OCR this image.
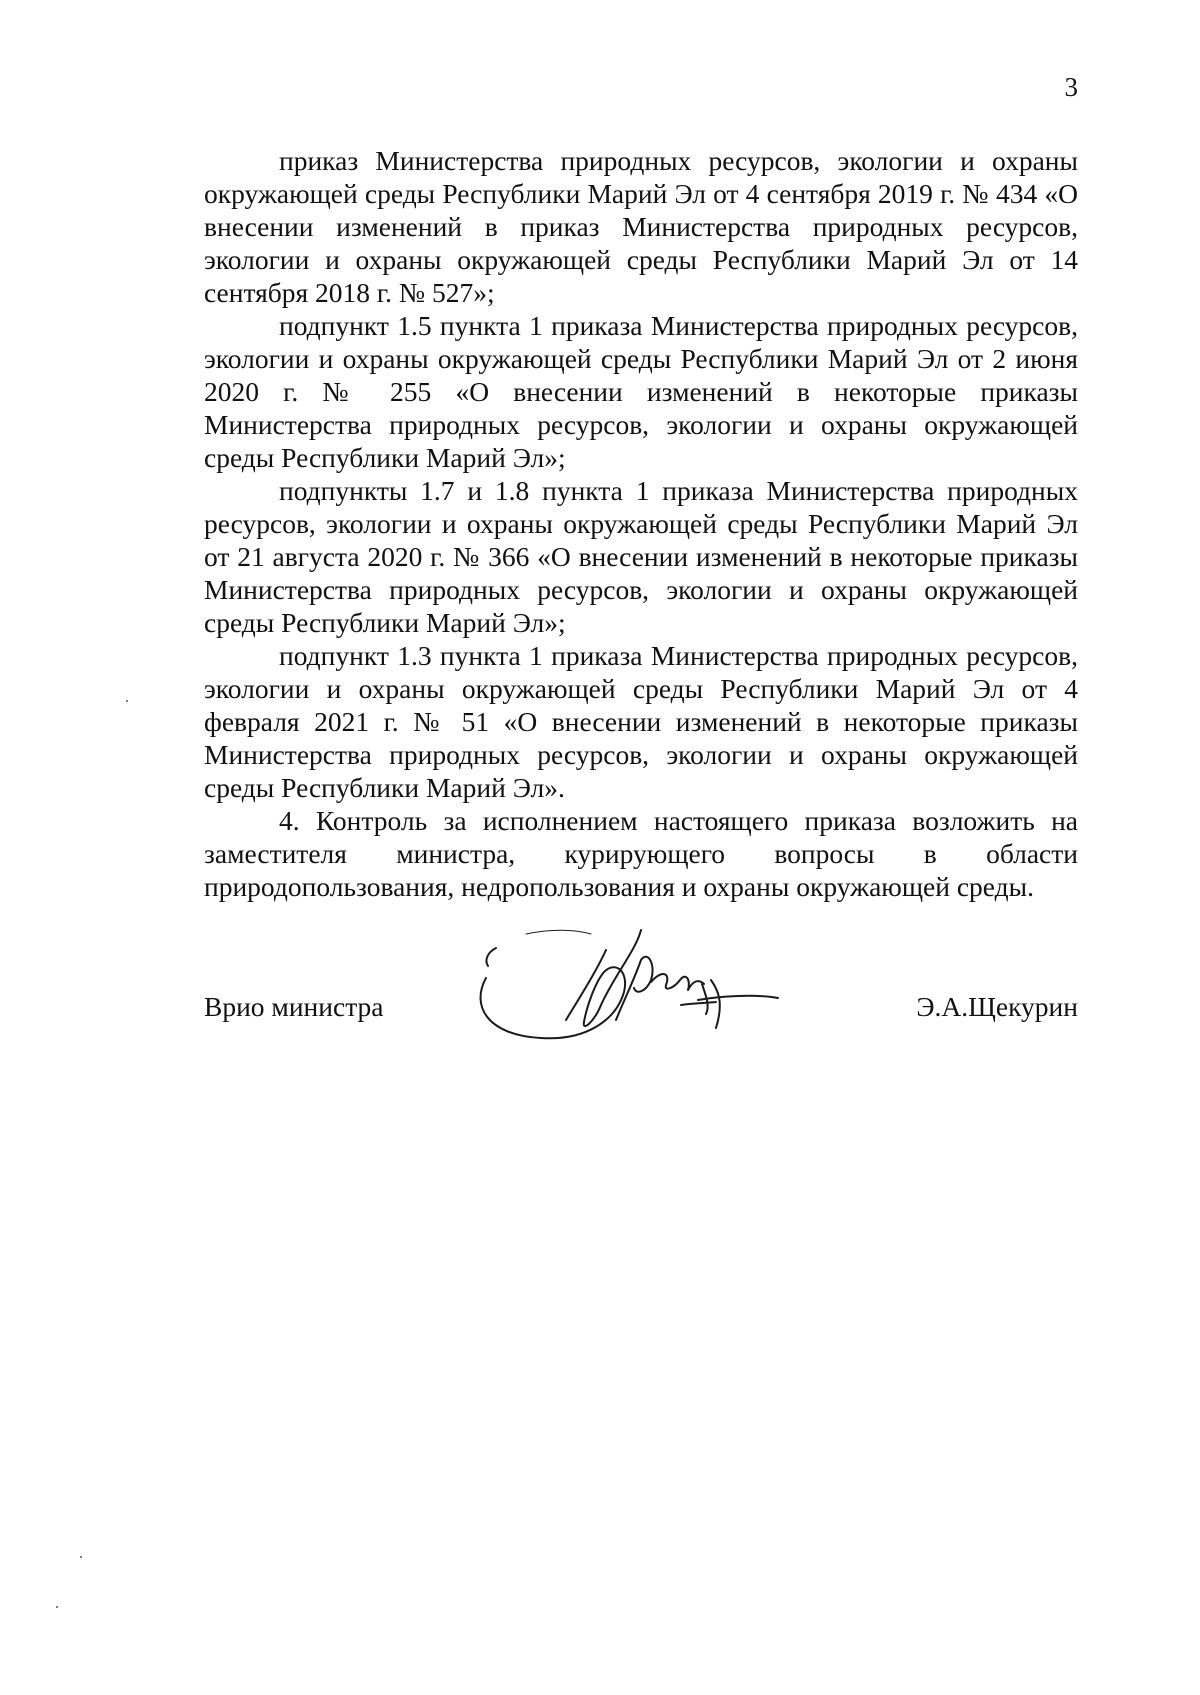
3

приказ Министерства природных ресурсов, экологии и охраны окружающей среды Республики Марий Эл от 4 сентября 2019 г. № 434 «О внесении изменений в приказ Министерства природных ресурсов, экологии и охраны окружающей среды Республики Марий Эл от 14 сентября 2018 г. № 527»;

подпункт 1.5 пункта 1 приказа Министерства природных ресурсов, экологии и охраны окружающей среды Республики Марий Эл от 2 июня 2020 г. № 255 «О внесении изменений в некоторые приказы Министерства природных ресурсов, экологии и охраны окружающей среды Республики Марий Эл»;

подпункты 1.7 и 1.8 пункта 1 приказа Министерства природных ресурсов, экологии и охраны окружающей среды Республики Марий Эл от 21 августа 2020 г. № 366 «О внесении изменений в некоторые приказы Министерства природных ресурсов, экологии и охраны окружающей среды Республики Марий Эл»;

подпункт 1.3 пункта 1 приказа Министерства природных ресурсов, экологии и охраны окружающей среды Республики Марий Эл от 4 февраля 2021 г. № 51 «О внесении изменений в некоторые приказы Министерства природных ресурсов, экологии и охраны окружающей среды Республики Марий Эл».

4. Контроль за исполнением настоящего приказа возложить на заместителя министра, курирующего вопросы в области природопользования, недропользования и охраны окружающей среды.

Врио министра	Э.А.Щекурин
